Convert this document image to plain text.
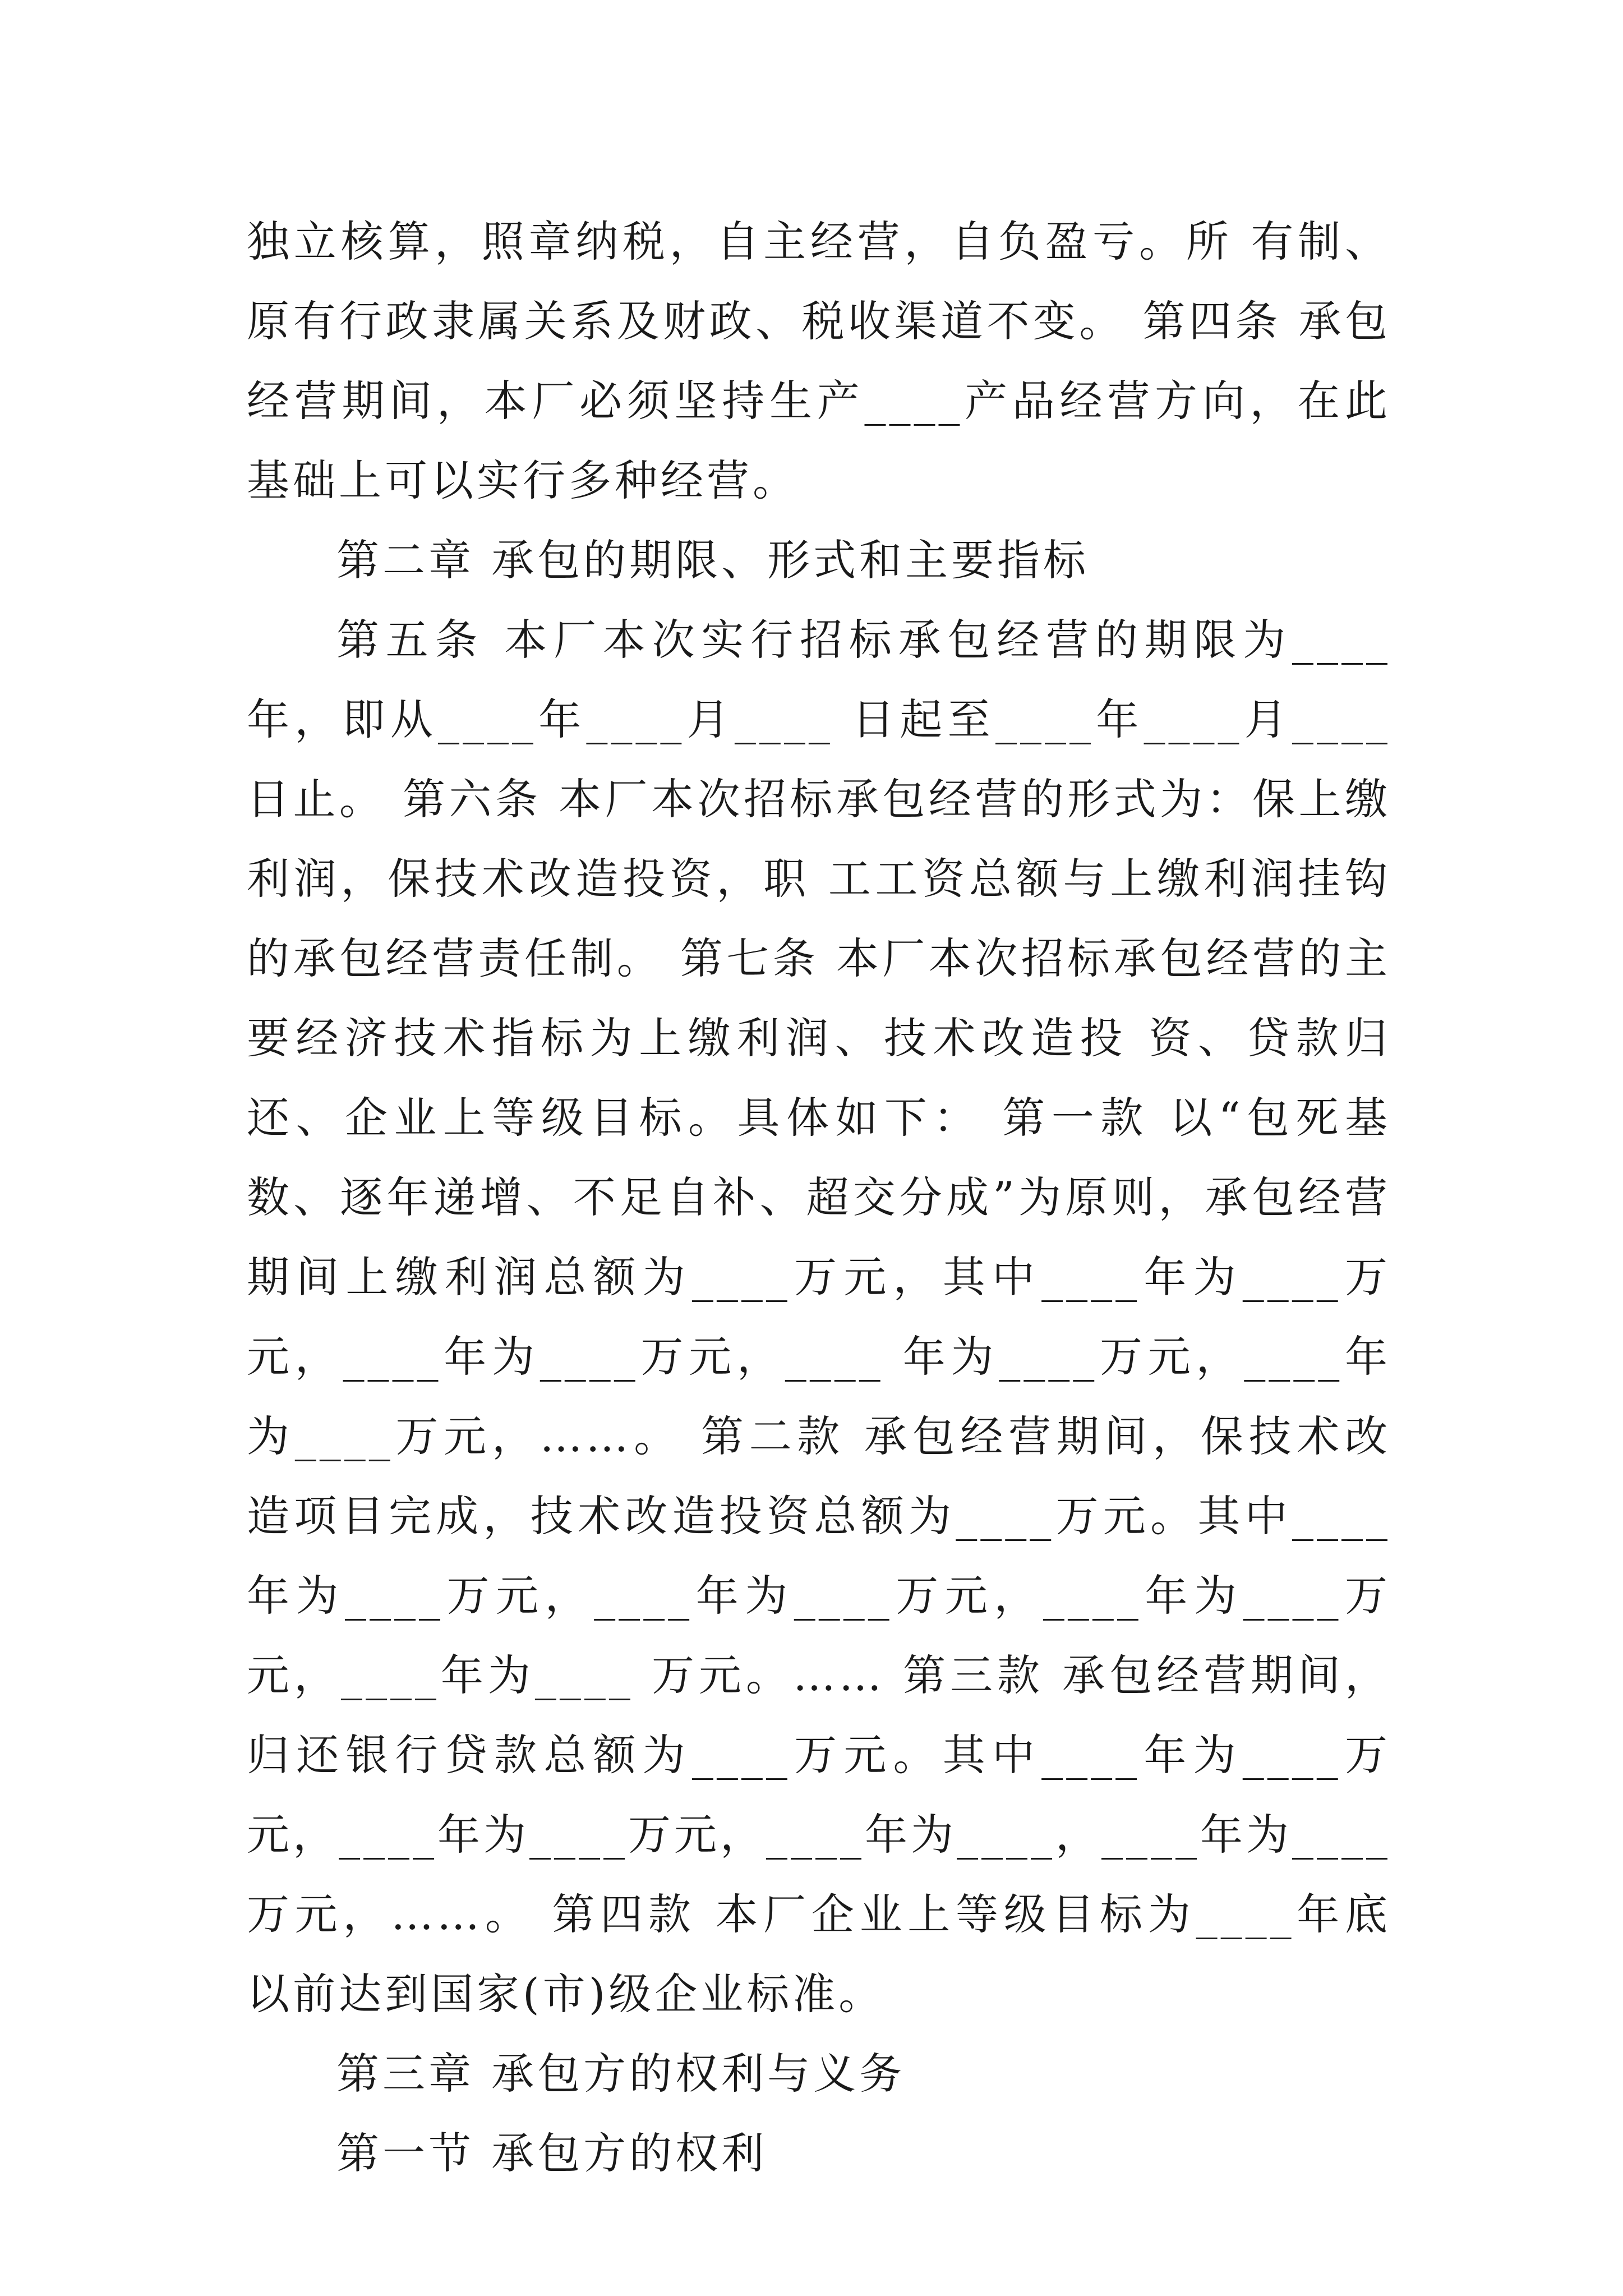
独立核算，照章纳税，自主经营，自负盈亏。所 有制、原有行政隶属关系及财政、税收渠道不变。 第四条 承包经营期间，本厂必须坚持生产____产品经营方向，在此基础上可以实行多种经营。

第二章 承包的期限、形式和主要指标

第五条 本厂本次实行招标承包经营的期限为____年，即从____年____月____ 日起至____年____月____日止。 第六条 本厂本次招标承包经营的形式为：保上缴利润，保技术改造投资，职 工工资总额与上缴利润挂钩的承包经营责任制。 第七条 本厂本次招标承包经营的主要经济技术指标为上缴利润、技术改造投 资、贷款归还、企业上等级目标。具体如下： 第一款 以“包死基数、逐年递增、不足自补、超交分成”为原则，承包经营 期间上缴利润总额为____万元，其中____年为____万元，____年为____万元，____ 年为____万元，____年为____万元，……。 第二款 承包经营期间，保技术改造项目完成，技术改造投资总额为____万元。其中____年为____万元，____年为____万元，____年为____万元，____年为____ 万元。…… 第三款 承包经营期间，归还银行贷款总额为____万元。其中____年为____万 元，____年为____万元，____年为____，____年为____万元，……。 第四款 本厂企业上等级目标为____年底以前达到国家(市)级企业标准。

第三章 承包方的权利与义务

第一节 承包方的权利
